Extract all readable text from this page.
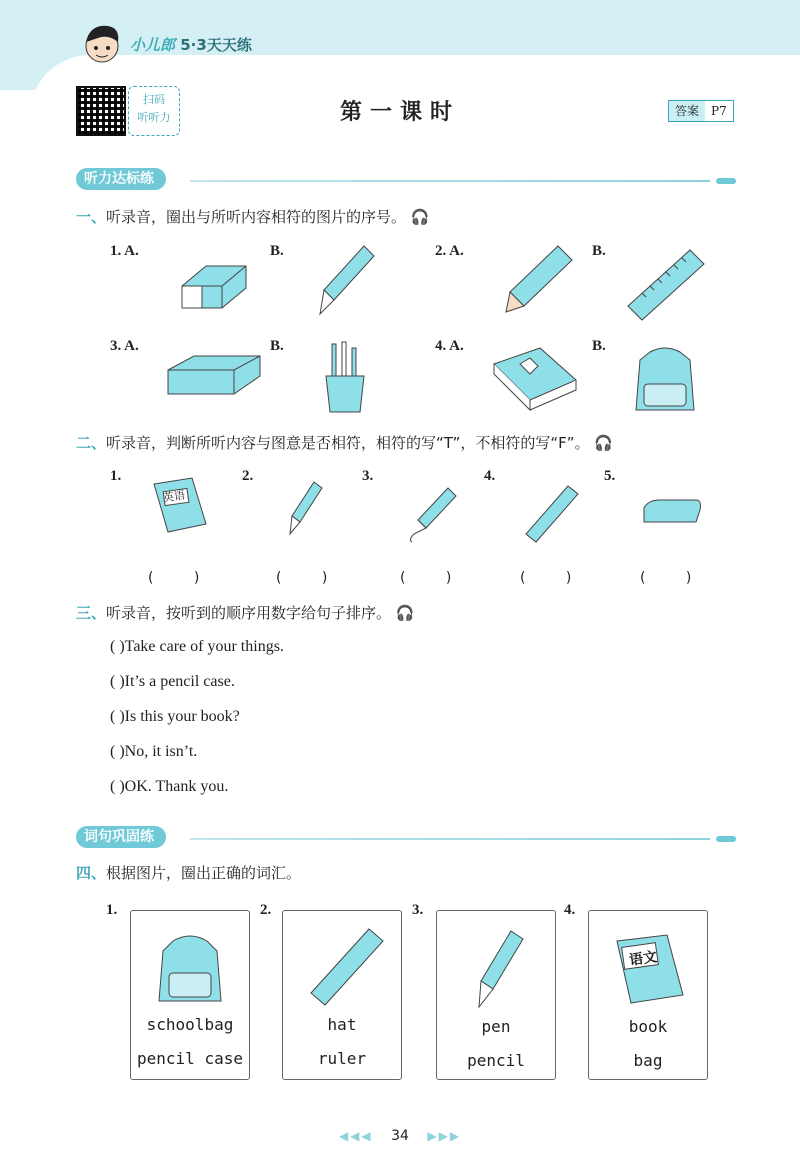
小儿郎 5·3天天练
扫码
听听力	第一课时	答案	P7
听力达标练
一、听录音，圈出与所听内容相符的图片的序号。 🎧
1. A.	B.	2. A.	B.
3. A.	B.	4. A.	B.
二、听录音，判断所听内容与图意是否相符，相符的写“T”，不相符的写“F”。 🎧
1.	2.	3.	4.	5.
英语
( )	( )	( )	( )	( )
三、听录音，按听到的顺序用数字给句子排序。 🎧
( )Take care of your things.
( )It’s a pencil case.
( )Is this your book?
( )No, it isn’t.
( )OK. Thank you.
词句巩固练
四、根据图片，圈出正确的词汇。
1.	2.	3.	4.
schoolbag
pencil case
hat
ruler
pen
pencil
语文
book
bag
◀◀◀ 34 ▶▶▶
